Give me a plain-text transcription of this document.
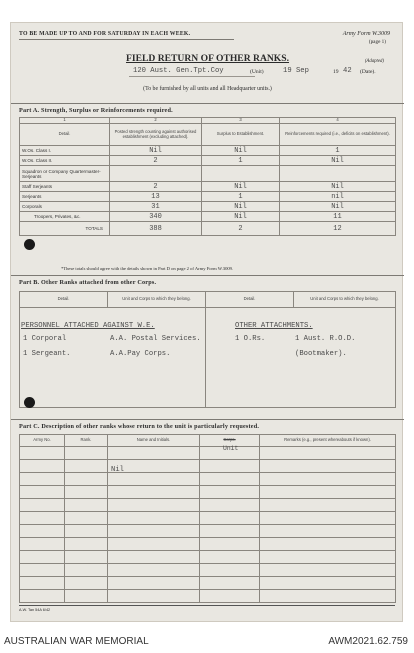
TO BE MADE UP TO AND FOR SATURDAY IN EACH WEEK.	Army Form W.3009
(page 1)
(Adapted)
FIELD RETURN OF OTHER RANKS.
120 Aust. Gen.Tpt.Coy	(Unit)	19 Sep	19 42 (Date).
(To be furnished by all units and all Headquarter units.)
Part A. Strength, Surplus or Reinforcements required.
1	2	3	4
Detail.	Posted strength counting against authorised establishment (excluding attached).	Surplus to Establishment.	Reinforcements required (i.e., deficits on establishment).
W.Os. Class I.	Nil	Nil	1
W.Os. Class II.	2	1	Nil
Squadron or Company Quartermaster-Serjeants			
Staff Serjeants	2	Nil	Nil
Serjeants	13	1	nil
Corporals	31	Nil	Nil
Troopers, Privates, &c.	340	Nil	11
TOTALS	388	2	12
*These totals should agree with the details shown in Part D on page 2 of Army Form W.3009.
Part B. Other Ranks attached from other Corps.
Detail.	Unit and Corps to which they belong.	Detail.	Unit and Corps to which they belong.

PERSONNEL ATTACHED AGAINST W.E.	OTHER ATTACHMENTS.
1 Corporal	A.A. Postal Services.
1 Sergeant.	A.A.Pay Corps.
1 O.Rs.	1 Aust. R.O.D.
(Bootmaker).
Part C. Description of other ranks whose return to the unit is particularly requested.
Army No.	Rank.	Name and Initials.	Corps.	Remarks (e.g., present whereabouts if known).

Unit
Nil
A.W. Tan 54A 6/42
AUSTRALIAN WAR MEMORIAL	AWM2021.62.759
